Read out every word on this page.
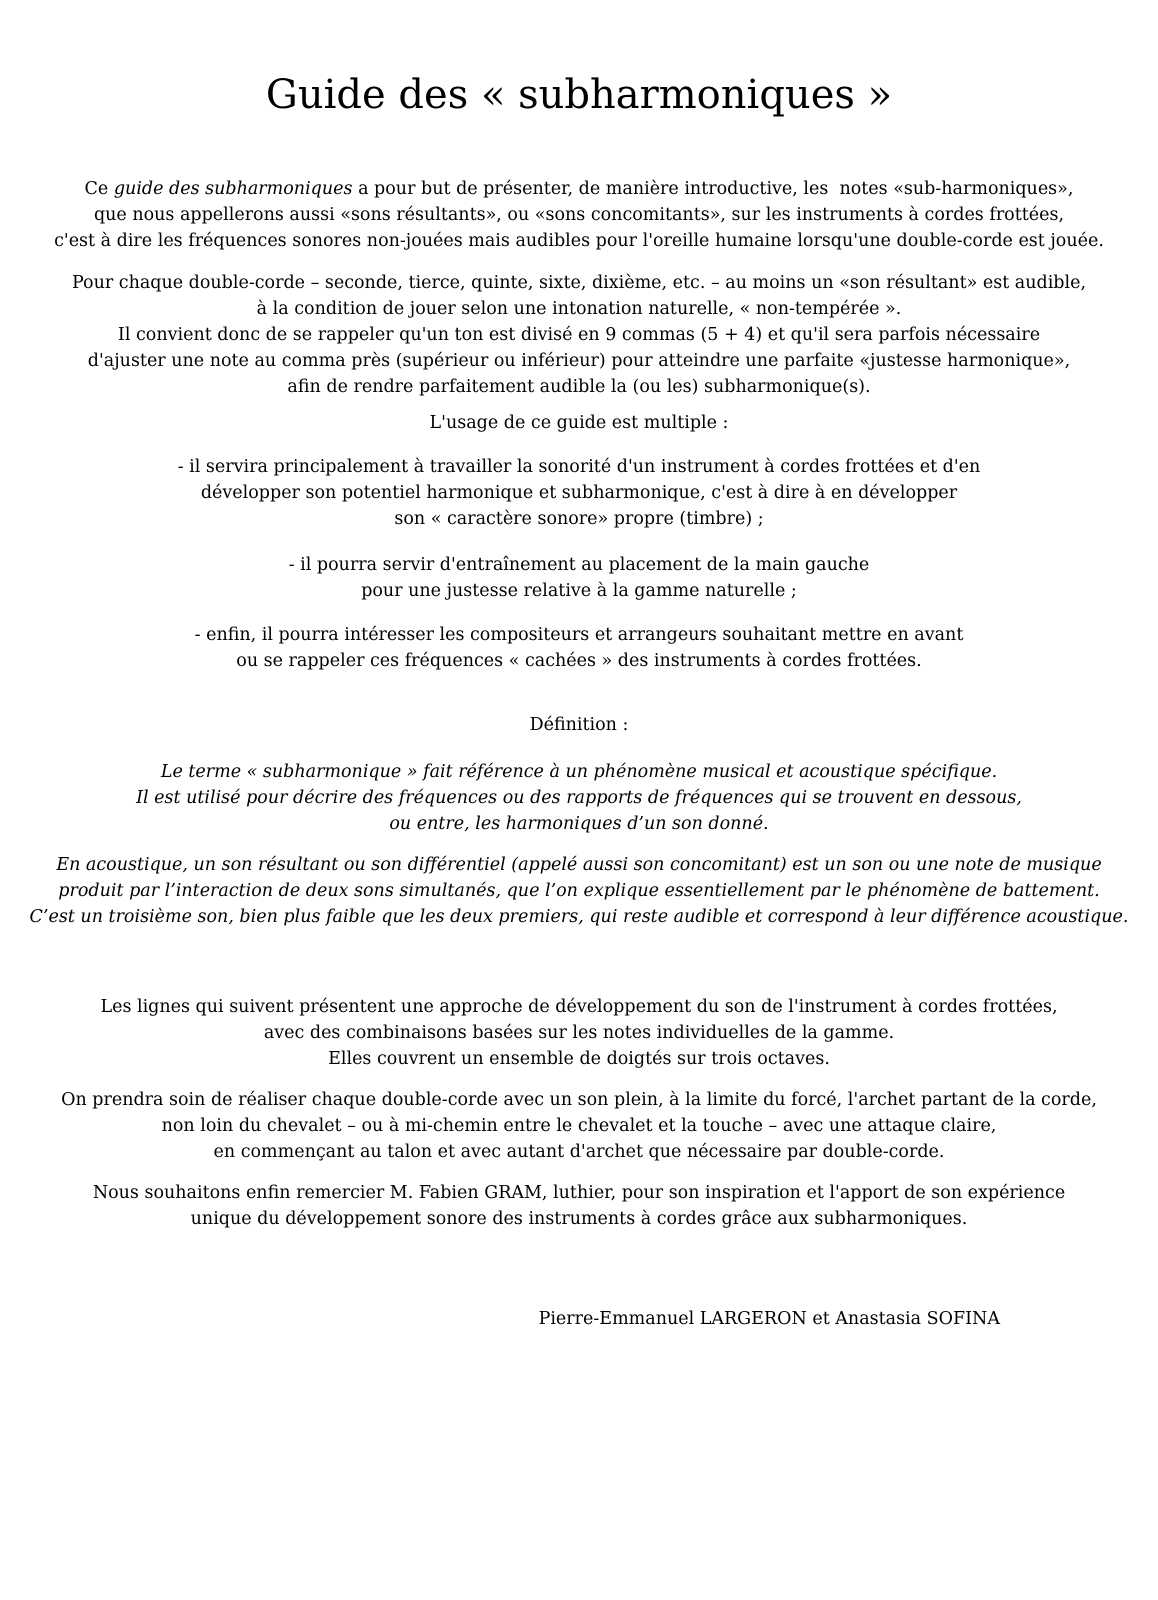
Guide des « subharmoniques »
Ce guide des subharmoniques a pour but de présenter, de manière introductive, les  notes «sub-harmoniques»,
que nous appellerons aussi «sons résultants», ou «sons concomitants», sur les instruments à cordes frottées,
c'est à dire les fréquences sonores non-jouées mais audibles pour l'oreille humaine lorsqu'une double-corde est jouée.
Pour chaque double-corde – seconde, tierce, quinte, sixte, dixième, etc. – au moins un «son résultant» est audible,
à la condition de jouer selon une intonation naturelle, « non-tempérée ».
Il convient donc de se rappeler qu'un ton est divisé en 9 commas (5 + 4) et qu'il sera parfois nécessaire
d'ajuster une note au comma près (supérieur ou inférieur) pour atteindre une parfaite «justesse harmonique»,
afin de rendre parfaitement audible la (ou les) subharmonique(s).
L'usage de ce guide est multiple :
- il servira principalement à travailler la sonorité d'un instrument à cordes frottées et d'en
développer son potentiel harmonique et subharmonique, c'est à dire à en développer
son « caractère sonore» propre (timbre) ;
- il pourra servir d'entraînement au placement de la main gauche
pour une justesse relative à la gamme naturelle ;
- enfin, il pourra intéresser les compositeurs et arrangeurs souhaitant mettre en avant
ou se rappeler ces fréquences « cachées » des instruments à cordes frottées.
Définition :
Le terme « subharmonique » fait référence à un phénomène musical et acoustique spécifique.
Il est utilisé pour décrire des fréquences ou des rapports de fréquences qui se trouvent en dessous,
ou entre, les harmoniques d’un son donné.
En acoustique, un son résultant ou son différentiel (appelé aussi son concomitant) est un son ou une note de musique
produit par l’interaction de deux sons simultanés, que l’on explique essentiellement par le phénomène de battement.
C’est un troisième son, bien plus faible que les deux premiers, qui reste audible et correspond à leur différence acoustique.
Les lignes qui suivent présentent une approche de développement du son de l'instrument à cordes frottées,
avec des combinaisons basées sur les notes individuelles de la gamme.
Elles couvrent un ensemble de doigtés sur trois octaves.
On prendra soin de réaliser chaque double-corde avec un son plein, à la limite du forcé, l'archet partant de la corde,
non loin du chevalet – ou à mi-chemin entre le chevalet et la touche – avec une attaque claire,
en commençant au talon et avec autant d'archet que nécessaire par double-corde.
Nous souhaitons enfin remercier M. Fabien GRAM, luthier, pour son inspiration et l'apport de son expérience
unique du développement sonore des instruments à cordes grâce aux subharmoniques.
Pierre-Emmanuel LARGERON et Anastasia SOFINA
